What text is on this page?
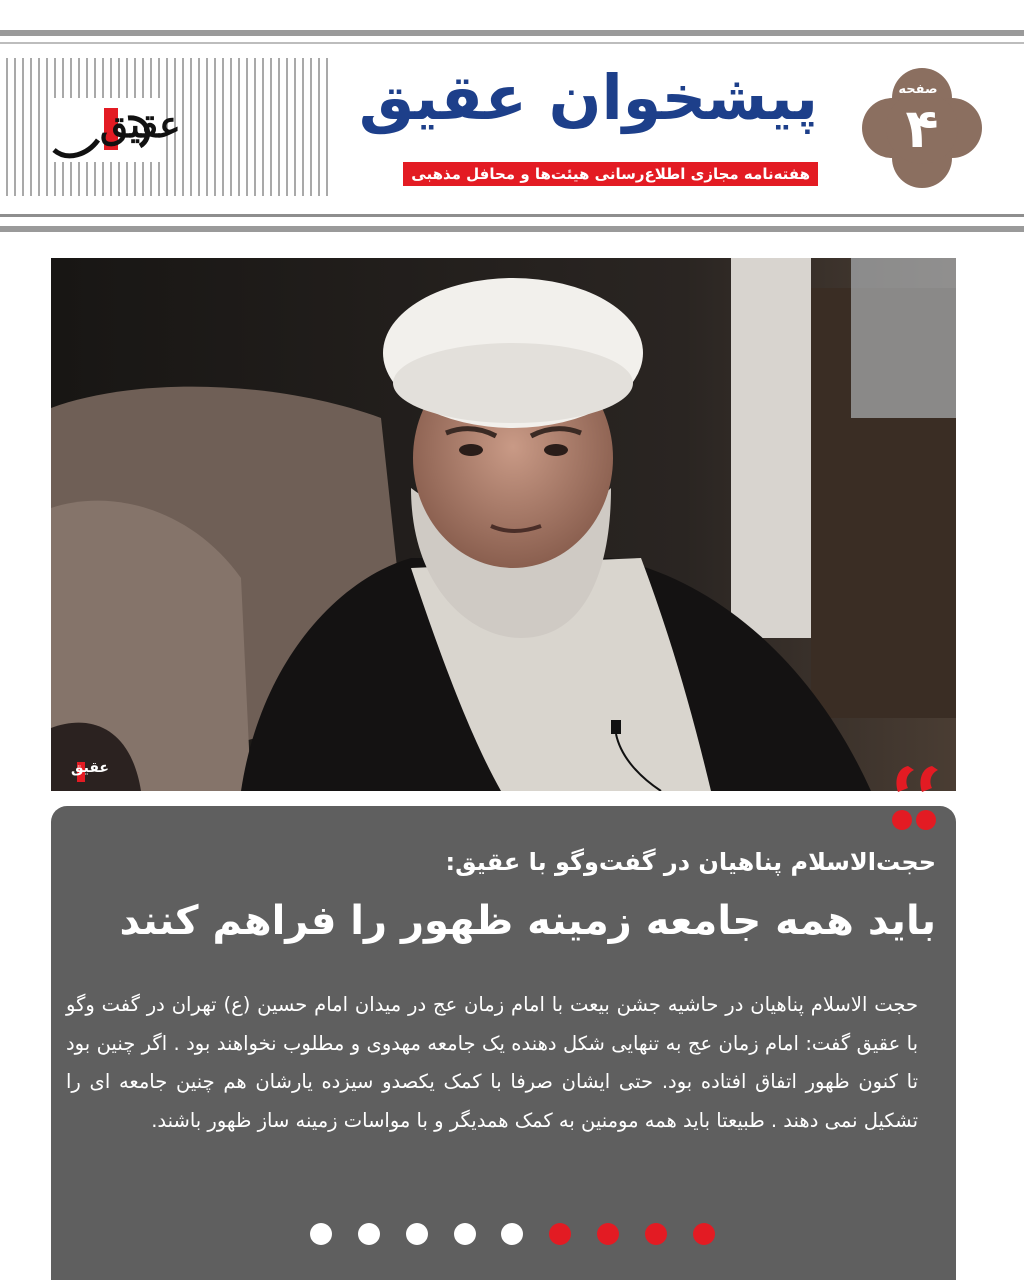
عقیق	پیشخوان عقیق
هفته‌نامه مجازی اطلاع‌رسانی هیئت‌ها و محافل مذهبی
صفحه
۴
عقیق
حجت‌الاسلام پناهیان در گفت‌وگو با عقیق:
باید همه جامعه زمینه ظهور را فراهم کنند
حجت الاسلام پناهیان در حاشیه جشن بیعت با امام زمان عج در میدان امام حسین (ع) تهران در گفت وگو با عقیق گفت: امام زمان عج به تنهایی شکل دهنده یک جامعه مهدوی و مطلوب نخواهند بود . اگر چنین بود تا کنون ظهور اتفاق افتاده بود. حتی ایشان صرفا با کمک یکصدو سیزده یارشان هم چنین جامعه ای را تشکیل نمی دهند . طبیعتا باید همه مومنین به کمک همدیگر و با مواسات زمینه ساز ظهور باشند.
